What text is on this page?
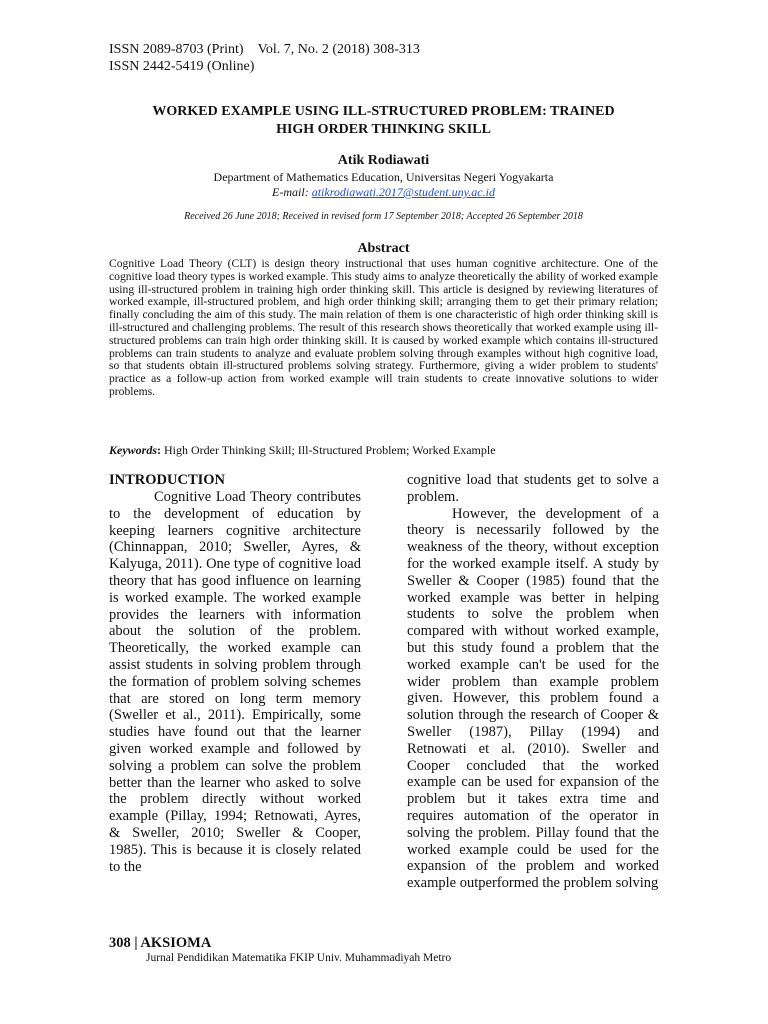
ISSN 2089-8703 (Print) Vol. 7, No. 2 (2018) 308-313
ISSN 2442-5419 (Online)
WORKED EXAMPLE USING ILL-STRUCTURED PROBLEM: TRAINED
HIGH ORDER THINKING SKILL
Atik Rodiawati
Department of Mathematics Education, Universitas Negeri Yogyakarta
E-mail: atikrodiawati.2017@student.uny.ac.id
Received 26 June 2018; Received in revised form 17 September 2018; Accepted 26 September 2018
Abstract

Cognitive Load Theory (CLT) is design theory instructional that uses human cognitive architecture. One of the cognitive load theory types is worked example. This study aims to analyze theoretically the ability of worked example using ill-structured problem in training high order thinking skill. This article is designed by reviewing literatures of worked example, ill-structured problem, and high order thinking skill; arranging them to get their primary relation; finally concluding the aim of this study. The main relation of them is one characteristic of high order thinking skill is ill-structured and challenging problems. The result of this research shows theoretically that worked example using ill-structured problems can train high order thinking skill. It is caused by worked example which contains ill-structured problems can train students to analyze and evaluate problem solving through examples without high cognitive load, so that students obtain ill-structured problems solving strategy. Furthermore, giving a wider problem to students' practice as a follow-up action from worked example will train students to create innovative solutions to wider problems.

Keywords: High Order Thinking Skill; Ill-Structured Problem; Worked Example

INTRODUCTION

Cognitive Load Theory contributes to the development of education by keeping learners cognitive architecture (Chinnappan, 2010; Sweller, Ayres, & Kalyuga, 2011). One type of cognitive load theory that has good influence on learning is worked example. The worked example provides the learners with information about the solution of the problem. Theoretically, the worked example can assist students in solving problem through the formation of problem solving schemes that are stored on long term memory (Sweller et al., 2011). Empirically, some studies have found out that the learner given worked example and followed by solving a problem can solve the problem better than the learner who asked to solve the problem directly without worked example (Pillay, 1994; Retnowati, Ayres, & Sweller, 2010; Sweller & Cooper, 1985). This is because it is closely related to the

cognitive load that students get to solve a problem.

However, the development of a theory is necessarily followed by the weakness of the theory, without exception for the worked example itself. A study by Sweller & Cooper (1985) found that the worked example was better in helping students to solve the problem when compared with without worked example, but this study found a problem that the worked example can't be used for the wider problem than example problem given. However, this problem found a solution through the research of Cooper & Sweller (1987), Pillay (1994) and Retnowati et al. (2010). Sweller and Cooper concluded that the worked example can be used for expansion of the problem but it takes extra time and requires automation of the operator in solving the problem. Pillay found that the worked example could be used for the expansion of the problem and worked example outperformed the problem solving

308 | AKSIOMA
Jurnal Pendidikan Matematika FKIP Univ. Muhammadiyah Metro
